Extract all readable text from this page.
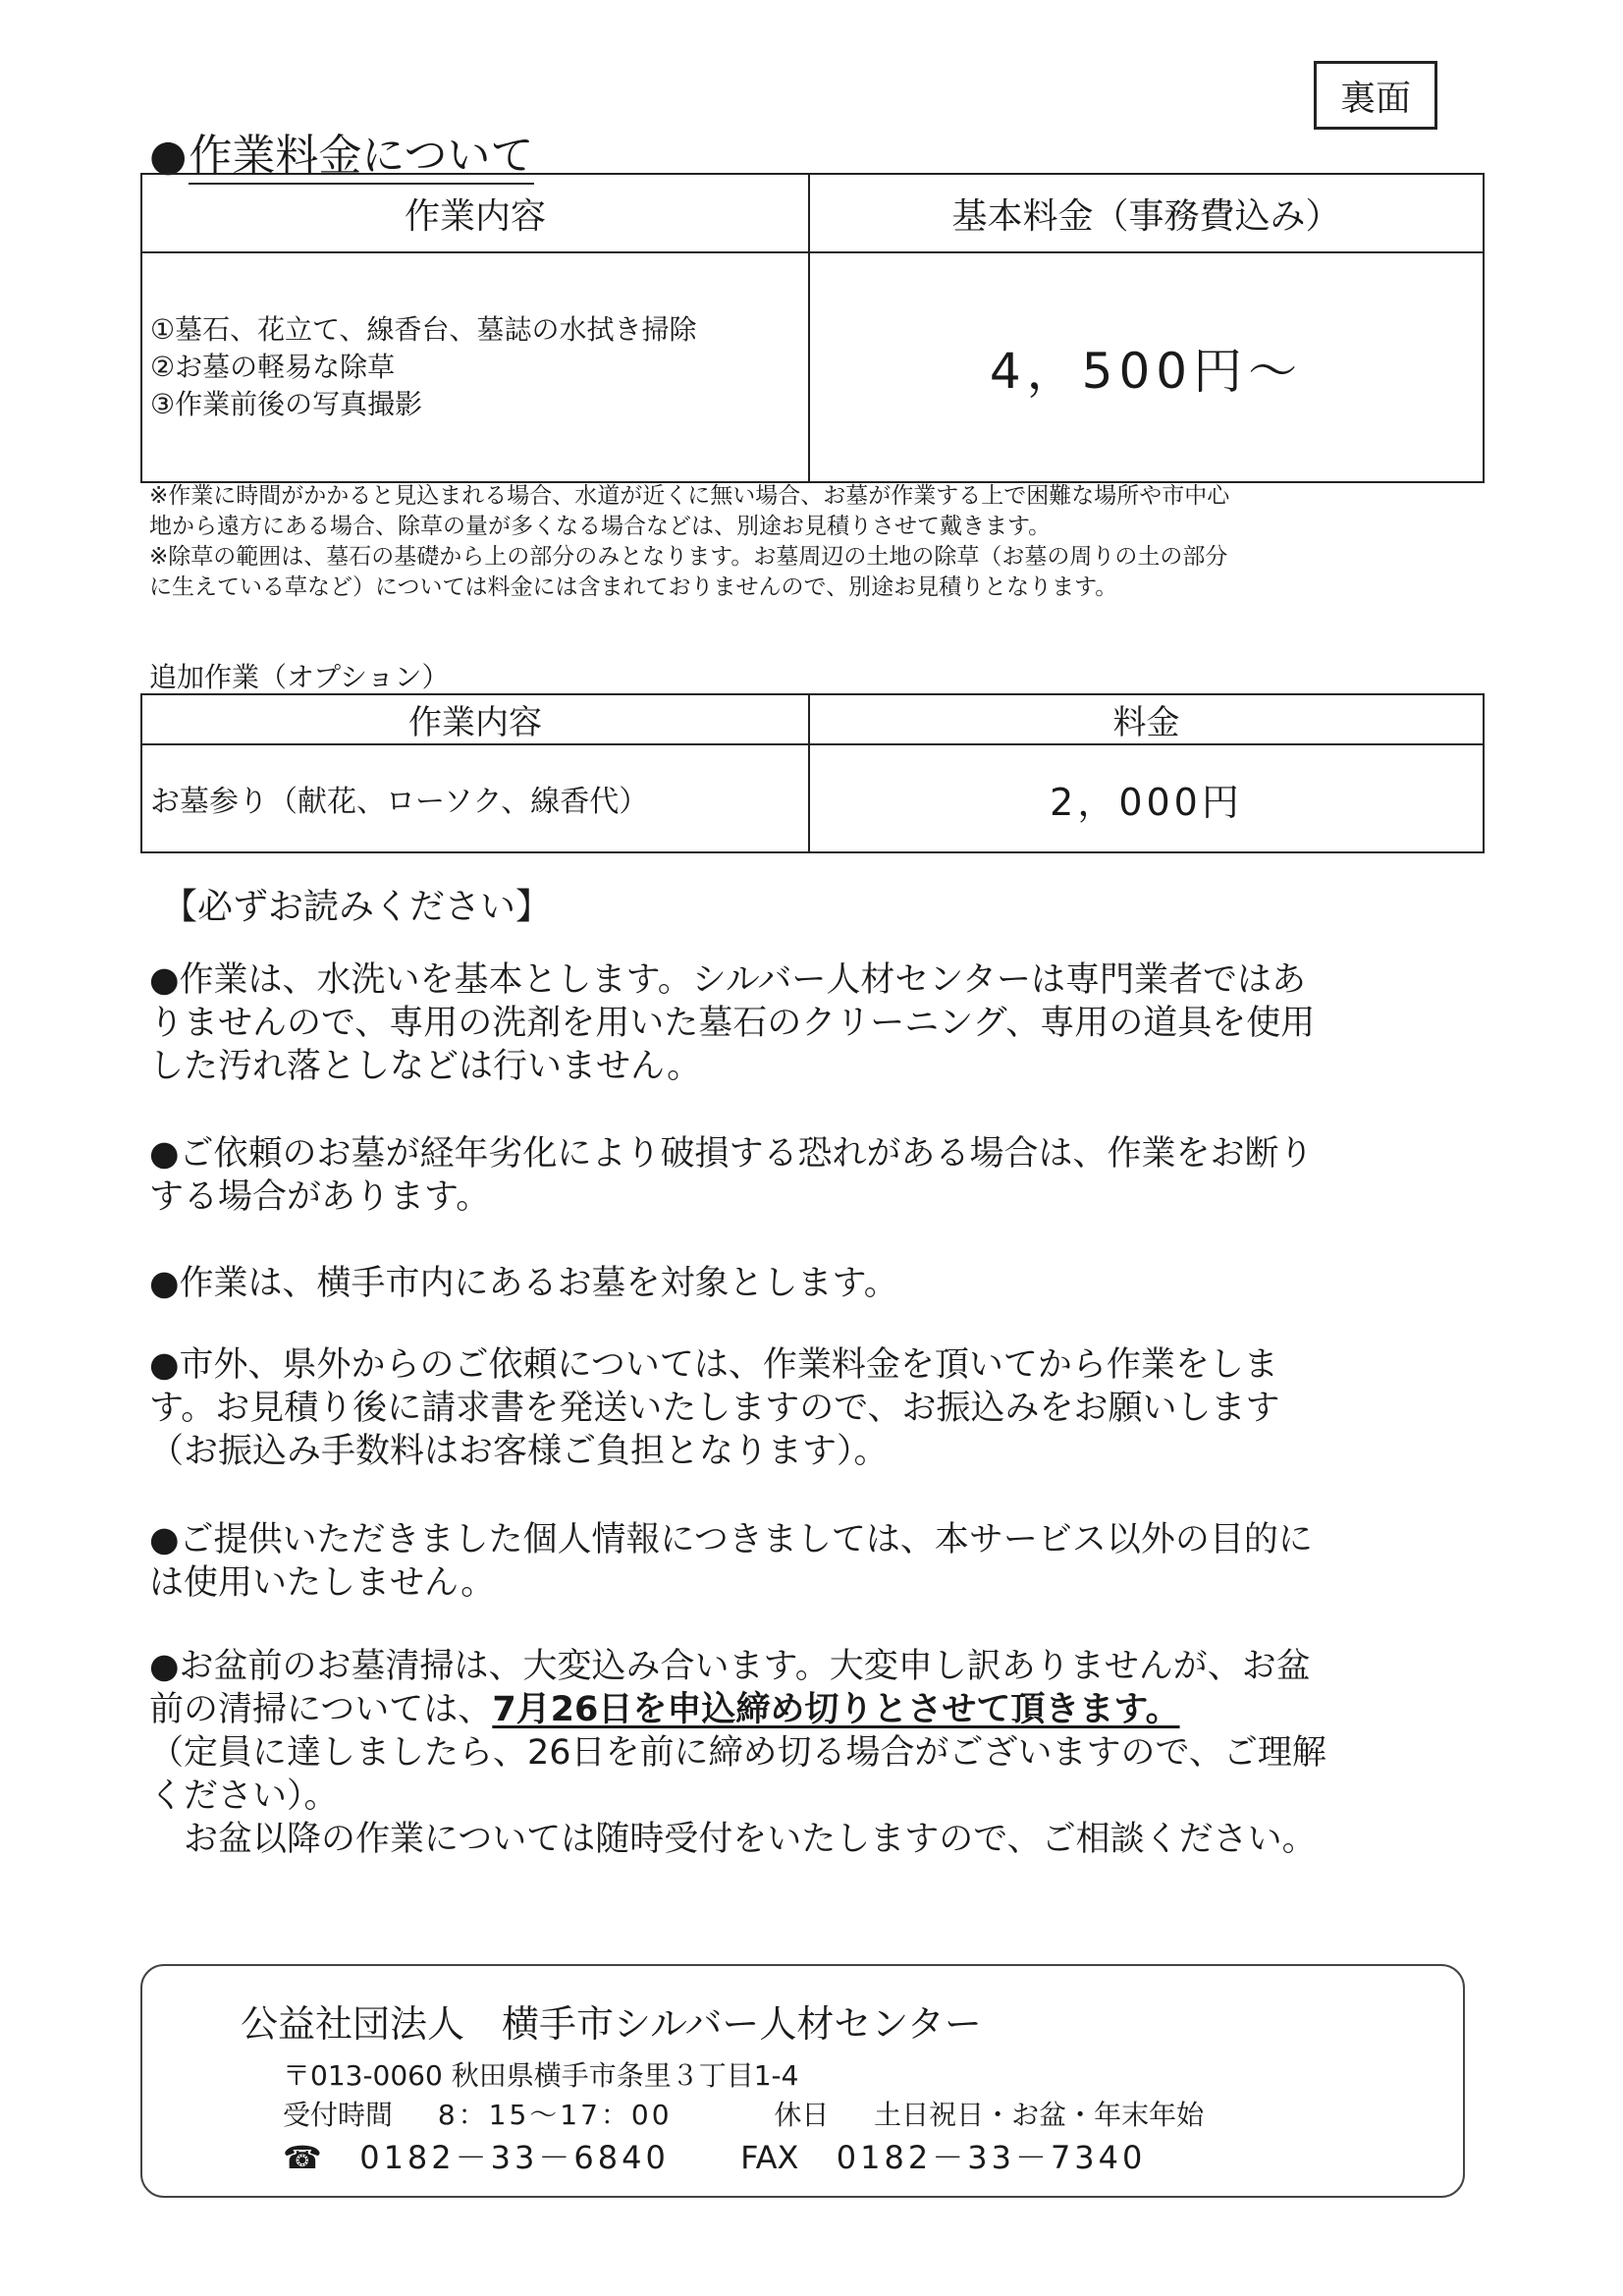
裏面
●作業料金について
作業内容	基本料金（事務費込み）

①墓石、花立て、線香台、墓誌の水拭き掃除
②お墓の軽易な除草
③作業前後の写真撮影	4，500円～

※作業に時間がかかると見込まれる場合、水道が近くに無い場合、お墓が作業する上で困難な場所や市中心

地から遠方にある場合、除草の量が多くなる場合などは、別途お見積りさせて戴きます。

※除草の範囲は、墓石の基礎から上の部分のみとなります。お墓周辺の土地の除草（お墓の周りの土の部分

に生えている草など）については料金には含まれておりませんので、別途お見積りとなります。

追加作業（オプション）
作業内容	料金
お墓参り（献花、ローソク、線香代）	2，000円
【必ずお読みください】

●作業は、水洗いを基本とします。シルバー人材センターは専門業者ではあ

りませんので、専用の洗剤を用いた墓石のクリーニング、専用の道具を使用

した汚れ落としなどは行いません。

●ご依頼のお墓が経年劣化により破損する恐れがある場合は、作業をお断り

する場合があります。

●作業は、横手市内にあるお墓を対象とします。

●市外、県外からのご依頼については、作業料金を頂いてから作業をしま

す。お見積り後に請求書を発送いたしますので、お振込みをお願いします

（お振込み手数料はお客様ご負担となります）。

●ご提供いただきました個人情報につきましては、本サービス以外の目的に

は使用いたしません。

●お盆前のお墓清掃は、大変込み合います。大変申し訳ありませんが、お盆

前の清掃については、7月26日を申込締め切りとさせて頂きます。

（定員に達しましたら、26日を前に締め切る場合がございますので、ご理解

ください）。

　お盆以降の作業については随時受付をいたしますので、ご相談ください。

公益社団法人　横手市シルバー人材センター
〒013-0060 秋田県横手市条里３丁目1-4
受付時間 8：15～17：00	休日 土日祝日・お盆・年末年始
☎ 0182－33－6840 FAX 0182－33－7340
